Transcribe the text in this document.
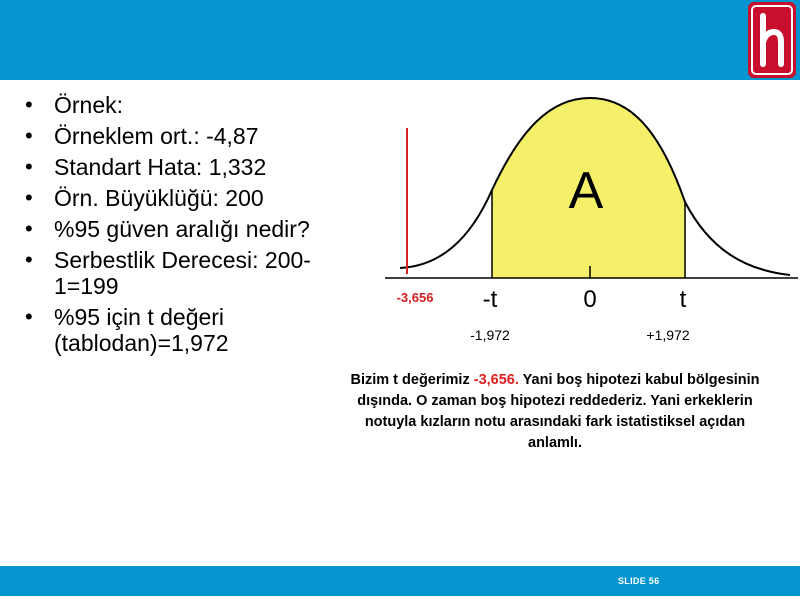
• Örnek:
• Örneklem ort.: -4,87
• Standart Hata: 1,332
• Örn. Büyüklüğü: 200
• %95 güven aralığı nedir?
• Serbestlik Derecesi: 200-1=199
• %95 için t değeri (tablodan)=1,972
A
-t	0	t
-3,656
-1,972	+1,972
Bizim t değerimiz -3,656. Yani boş hipotezi kabul bölgesinin dışında. O zaman boş hipotezi reddederiz. Yani erkeklerin notuyla kızların notu arasındaki fark istatistiksel açıdan anlamlı.
SLIDE 56
